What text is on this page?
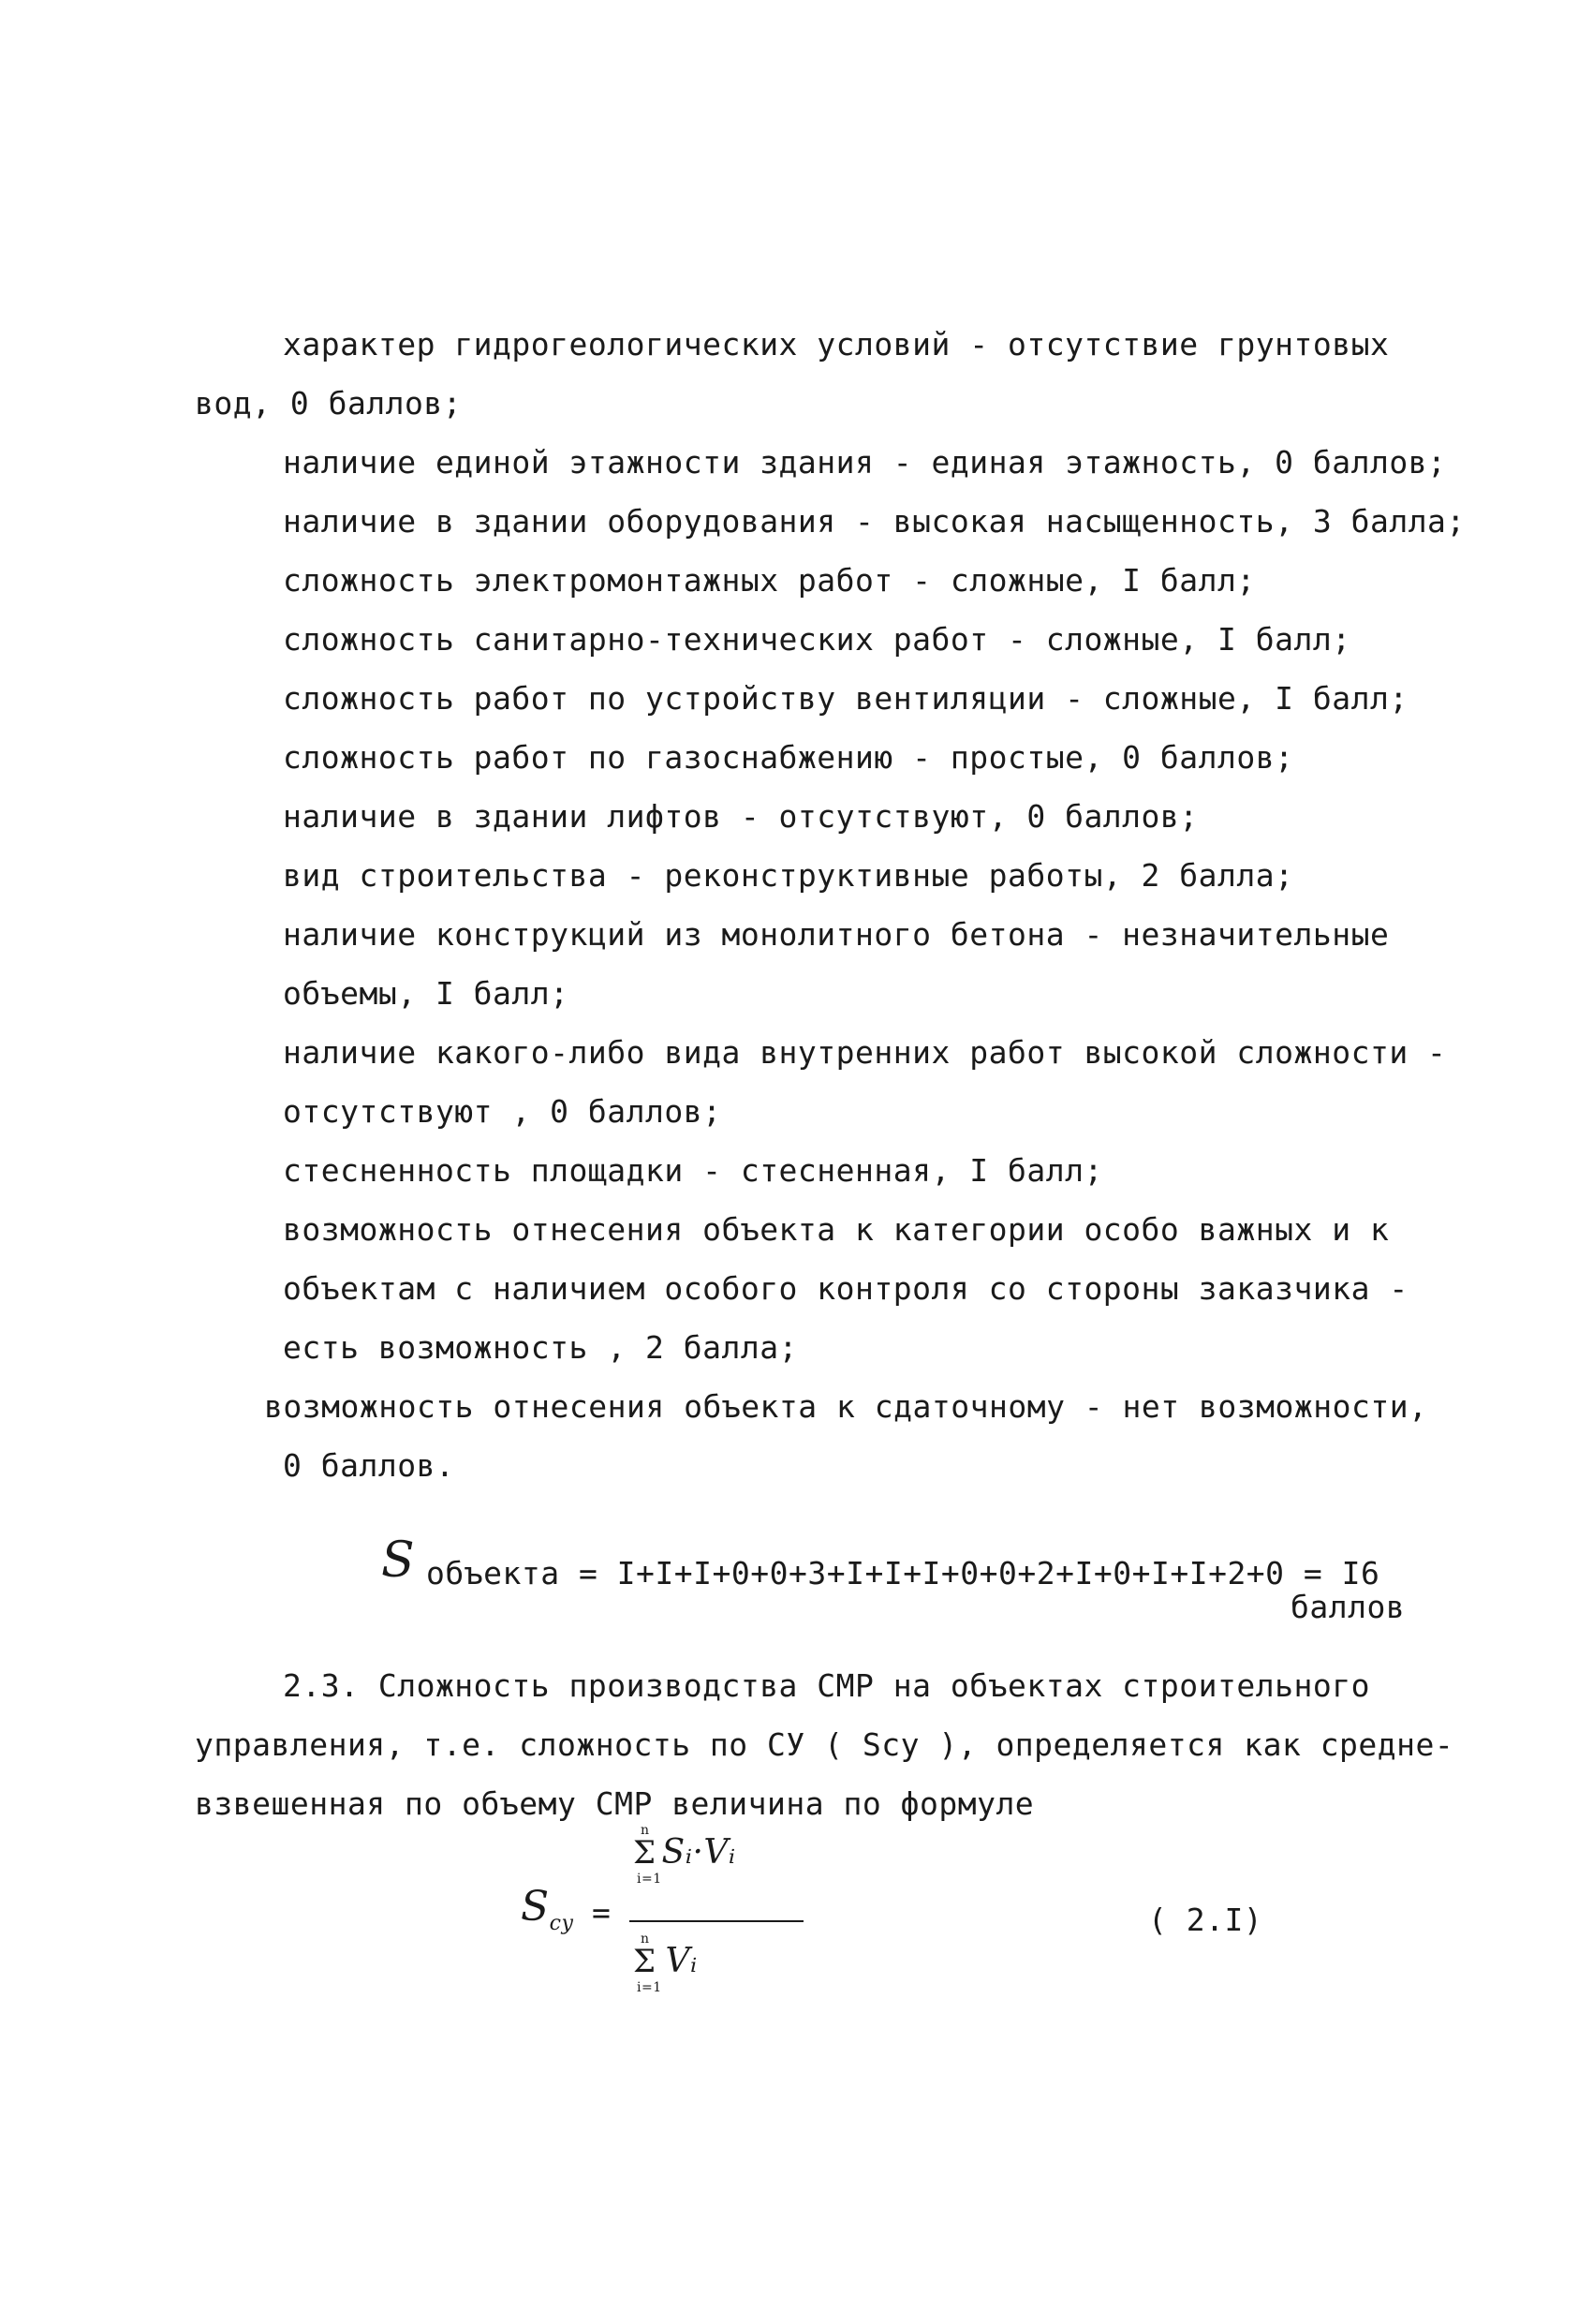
характер гидрогеологических условий - отсутствие грунтовых
вод, 0 баллов;
наличие единой этажности здания - единая этажность, 0 баллов;
наличие в здании оборудования - высокая насыщенность, 3 балла;
сложность электромонтажных работ - сложные, I балл;
сложность санитарно-технических работ - сложные, I балл;
сложность работ по устройству вентиляции - сложные, I балл;
сложность работ по газоснабжению - простые, 0 баллов;
наличие в здании лифтов - отсутствуют, 0 баллов;
вид строительства - реконструктивные работы, 2 балла;
наличие конструкций из монолитного бетона - незначительные
объемы, I балл;
наличие какого-либо вида внутренних работ высокой сложности -
отсутствуют , 0 баллов;
стесненность площадки - стесненная, I балл;
возможность отнесения объекта к категории особо важных и к
объектам с наличием особого контроля со стороны заказчика -
есть возможность , 2 балла;
возможность отнесения объекта к сдаточному - нет возможности,
0 баллов.
S объекта = I+I+I+0+0+3+I+I+I+0+0+2+I+0+I+I+2+0 = I6
баллов
2.3. Сложность производства СМР на объектах строительного
управления, т.е. сложность по СУ ( Sсу ), определяется как средне-
взвешенная по объему СМР величина по формуле
$S_{су}$ =
Σ Sᵢ·Vᵢ
n
i=1
Σ Vᵢ
n
i=1
( 2.I)
